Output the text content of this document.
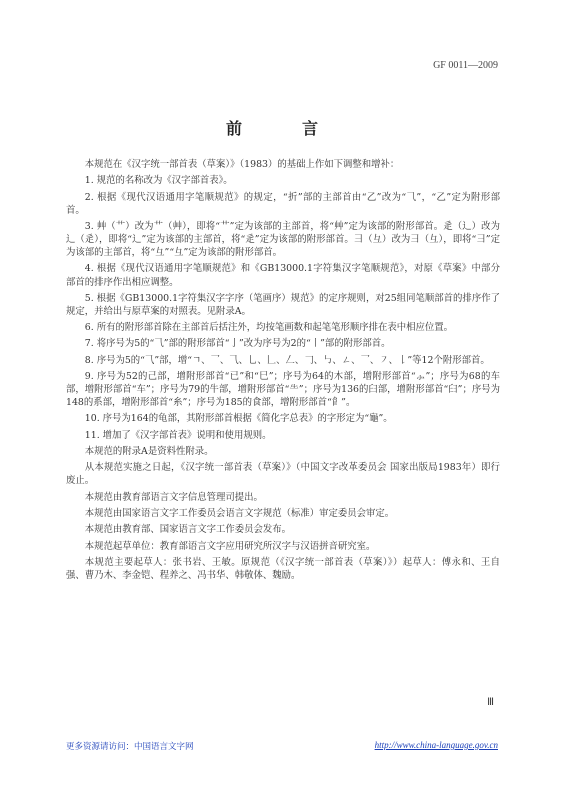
GF 0011—2009
前　言

本规范在《汉字统一部首表（草案）》（1983）的基础上作如下调整和增补：

1. 规范的名称改为《汉字部首表》。

2. 根据《现代汉语通用字笔顺规范》的规定，“折”部的主部首由“乙”改为“⺄”，“乙”定为附形部首。

3. 艸（艹）改为艹（艸），即将“艹”定为该部的主部首，将“艸”定为该部的附形部首。辵（辶）改为辶（辵），即将“辶”定为该部的主部首，将“辵”定为该部的附形部首。彐（彑）改为彐（彑），即将“彐”定为该部的主部首，将“彑”“彑”定为该部的附形部首。

4. 根据《现代汉语通用字笔顺规范》和《GB13000.1字符集汉字笔顺规范》，对原《草案》中部分部首的排序作出相应调整。

5. 根据《GB13000.1字符集汉字字序（笔画序）规范》的定序规则，对25组同笔顺部首的排序作了规定，并给出与原草案的对照表。见附录A。

6. 所有的附形部首除在主部首后括注外，均按笔画数和起笔笔形顺序排在表中相应位置。

7. 将序号为5的“⺄”部的附形部首“亅”改为序号为2的“丨”部的附形部首。

8. 序号为5的“⺄”部，增“ㄱ、⺂、⺄、乚、𠃊、𠃋、𠃌、㇉、ㄥ、乛、㇇、𠄌”等12个附形部首。

9. 序号为52的己部，增附形部首“已”和“巳”；序号为64的木部，增附形部首“⺗”；序号为68的车部，增附形部首“⻋”；序号为79的牛部，增附形部首“⺧”；序号为136的臼部，增附形部首“𦥑”；序号为148的系部，增附形部首“糸”；序号为185的食部，增附形部首“𩙿”。

10. 序号为164的龟部，其附形部首根据《简化字总表》的字形定为“龜”。

11. 增加了《汉字部首表》说明和使用规则。

本规范的附录A是资料性附录。

从本规范实施之日起，《汉字统一部首表（草案）》（中国文字改革委员会 国家出版局1983年）即行废止。

本规范由教育部语言文字信息管理司提出。

本规范由国家语言文字工作委员会语言文字规范（标准）审定委员会审定。

本规范由教育部、国家语言文字工作委员会发布。

本规范起草单位：教育部语言文字应用研究所汉字与汉语拼音研究室。

本规范主要起草人：张书岩、王敏。原规范（《汉字统一部首表（草案）》）起草人：傅永和、王自强、曹乃木、李金铠、程养之、冯书华、韩敬体、魏励。

Ⅲ
更多资源请访问：中国语言文字网	http://www.china-language.gov.cn
